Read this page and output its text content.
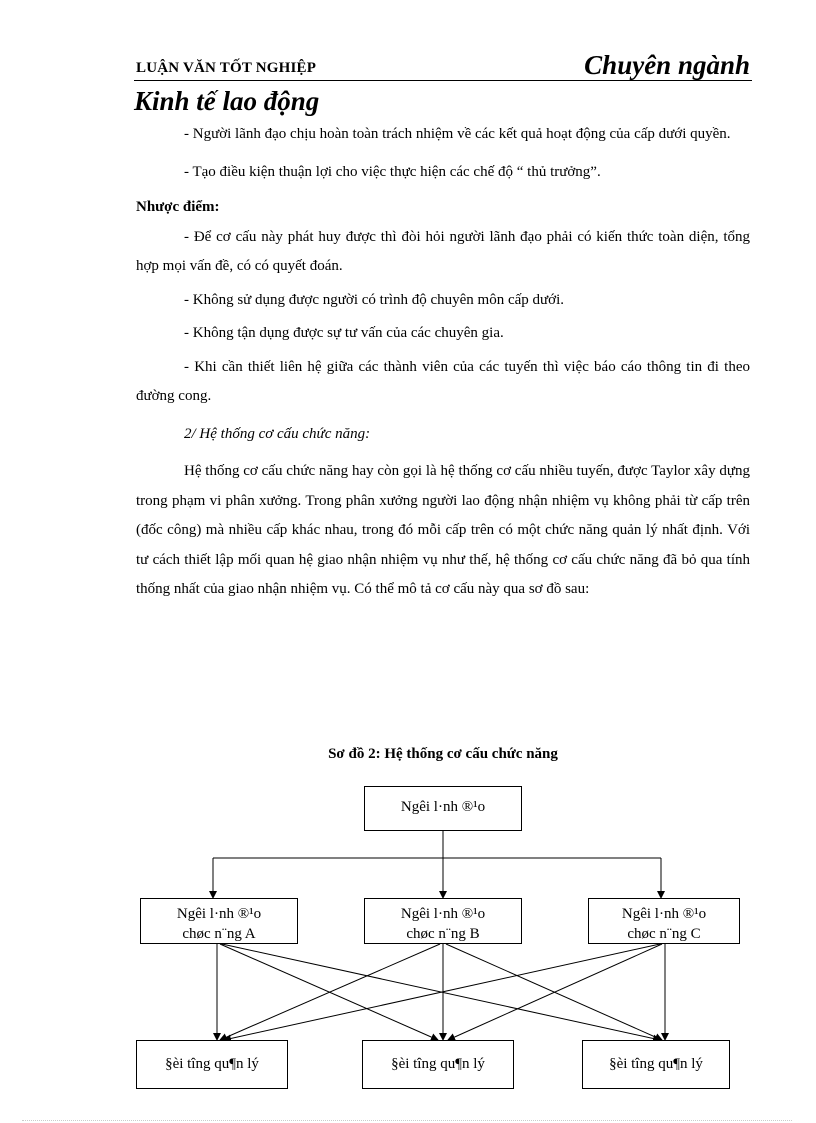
LUẬN VĂN TỐT NGHIỆP	Chuyên ngành
Kinh tế lao động

- Người lãnh đạo chịu hoàn toàn trách nhiệm về các kết quả hoạt động của cấp dưới quyền.

- Tạo điều kiện thuận lợi cho việc thực hiện các chế độ “ thủ trưởng”.

Nhược điểm:

- Để cơ cấu này phát huy được thì đòi hỏi người lãnh đạo phải có kiến thức toàn diện, tổng hợp mọi vấn đề, có có quyết đoán.

- Không sử dụng được người có trình độ chuyên môn cấp dưới.

- Không tận dụng được sự tư vấn của các chuyên gia.

- Khi cần thiết liên hệ giữa các thành viên của các tuyến thì việc báo cáo thông tin đi theo đường cong.

2/ Hệ thống cơ cấu chức năng:

Hệ thống cơ cấu chức năng hay còn gọi là hệ thống cơ cấu nhiều tuyến, được Taylor xây dựng trong phạm vi phân xưởng. Trong phân xưởng người lao động nhận nhiệm vụ không phải từ cấp trên (đốc công) mà nhiều cấp khác nhau, trong đó mỗi cấp trên có một chức năng quản lý nhất định. Với tư cách thiết lập mối quan hệ giao nhận nhiệm vụ như thế, hệ thống cơ cấu chức năng đã bỏ qua tính thống nhất của giao nhận nhiệm vụ. Có thể mô tả cơ cấu này qua sơ đồ sau:

Sơ đồ 2: Hệ thống cơ cấu chức năng
Ngêi l·nh ®¹o
Ngêi l·nh ®¹o
chøc n¨ng A
Ngêi l·nh ®¹o
chøc n¨ng B
Ngêi l·nh ®¹o
chøc n¨ng C
§èi tîng qu¶n lý	§èi tîng qu¶n lý	§èi tîng qu¶n lý
